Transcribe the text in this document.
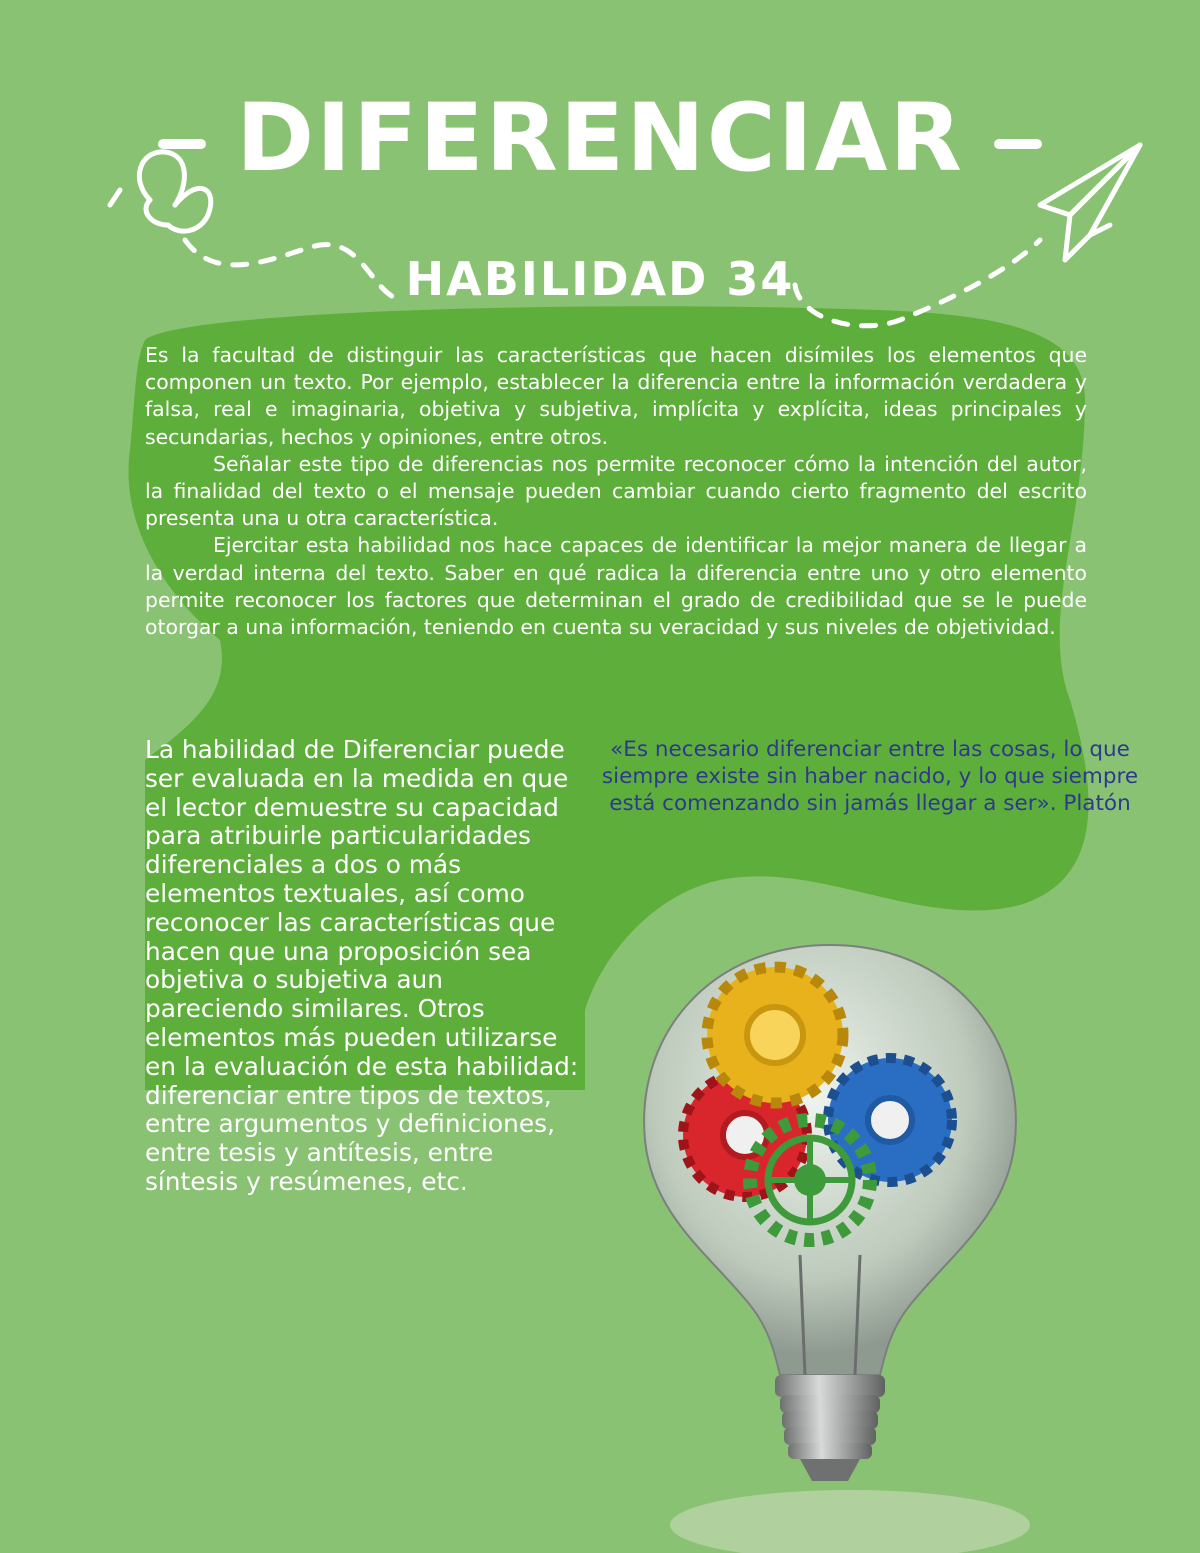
DIFERENCIAR
HABILIDAD 34

Es la facultad de distinguir las características que hacen disímiles los elementos que componen un texto. Por ejemplo, establecer la diferencia entre la información verdadera y falsa, real e imaginaria, objetiva y subjetiva, implícita y explícita, ideas principales y secundarias, hechos y opiniones, entre otros.

Señalar este tipo de diferencias nos permite reconocer cómo la intención del autor, la finalidad del texto o el mensaje pueden cambiar cuando cierto fragmento del escrito presenta una u otra característica.

Ejercitar esta habilidad nos hace capaces de identificar la mejor manera de llegar a la verdad interna del texto. Saber en qué radica la diferencia entre uno y otro elemento permite reconocer los factores que determinan el grado de credibilidad que se le puede otorgar a una información, teniendo en cuenta su veracidad y sus niveles de objetividad.

La habilidad de Diferenciar puede ser evaluada en la medida en que el lector demuestre su capacidad para atribuirle particularidades diferenciales a dos o más elementos textuales, así como reconocer las características que hacen que una proposición sea objetiva o subjetiva aun pareciendo similares. Otros elementos más pueden utilizarse en la evaluación de esta habilidad: diferenciar entre tipos de textos, entre argumentos y definiciones, entre tesis y antítesis, entre síntesis y resúmenes, etc.

«Es necesario diferenciar entre las cosas, lo que siempre existe sin haber nacido, y lo que siempre está comenzando sin jamás llegar a ser». Platón
